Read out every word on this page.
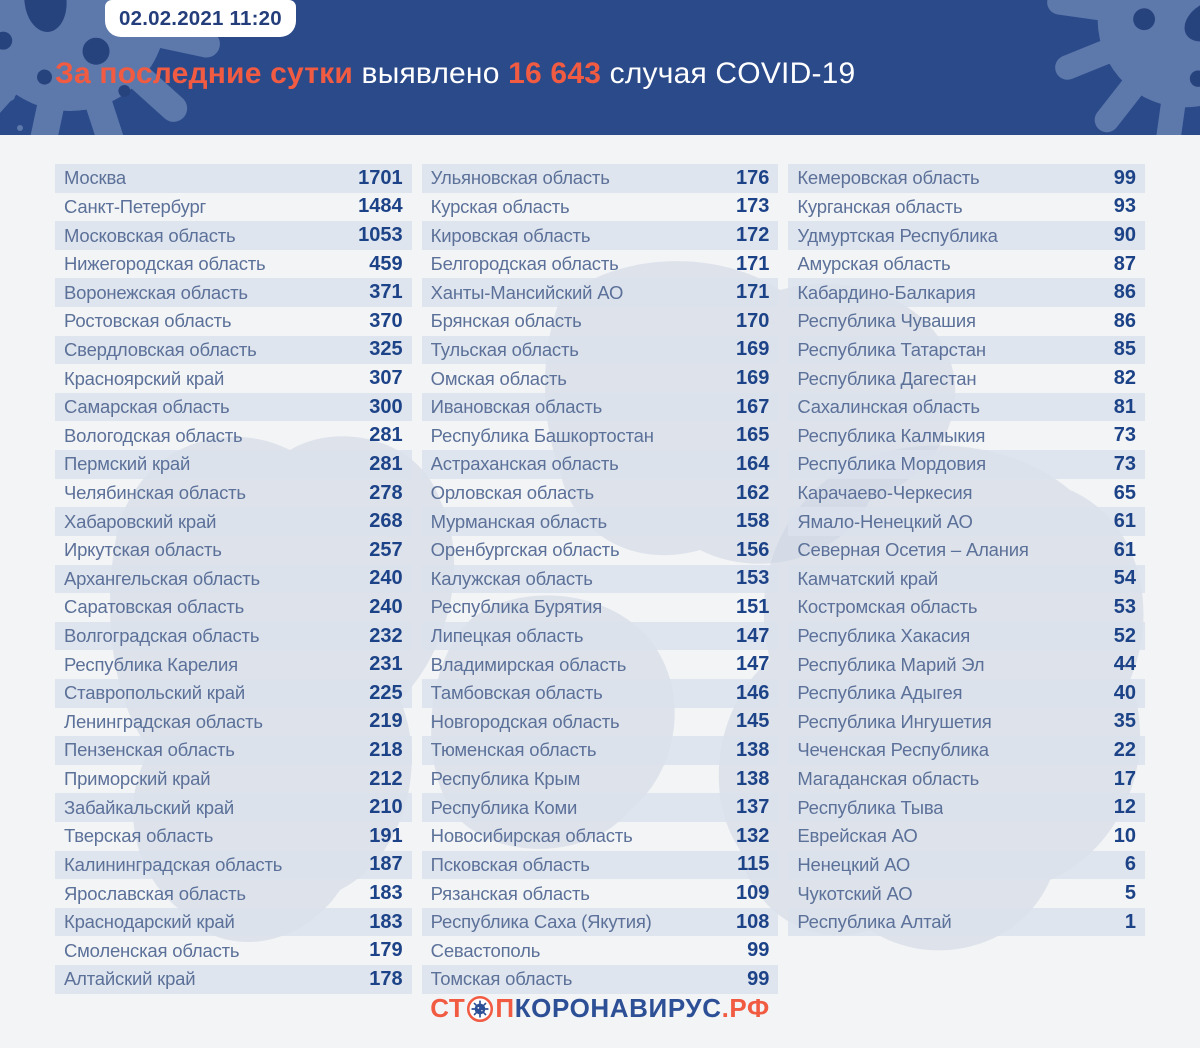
02.02.2021 11:20
За последние сутки выявлено 16 643 случая COVID-19
Москва	1701
Санкт-Петербург	1484
Московская область	1053
Нижегородская область	459
Воронежская область	371
Ростовская область	370
Свердловская область	325
Красноярский край	307
Самарская область	300
Вологодская область	281
Пермский край	281
Челябинская область	278
Хабаровский край	268
Иркутская область	257
Архангельская область	240
Саратовская область	240
Волгоградская область	232
Республика Карелия	231
Ставропольский край	225
Ленинградская область	219
Пензенская область	218
Приморский край	212
Забайкальский край	210
Тверская область	191
Калининградская область	187
Ярославская область	183
Краснодарский край	183
Смоленская область	179
Алтайский край	178
Ульяновская область	176
Курская область	173
Кировская область	172
Белгородская область	171
Ханты-Мансийский АО	171
Брянская область	170
Тульская область	169
Омская область	169
Ивановская область	167
Республика Башкортостан	165
Астраханская область	164
Орловская область	162
Мурманская область	158
Оренбургская область	156
Калужская область	153
Республика Бурятия	151
Липецкая область	147
Владимирская область	147
Тамбовская область	146
Новгородская область	145
Тюменская область	138
Республика Крым	138
Республика Коми	137
Новосибирская область	132
Псковская область	115
Рязанская область	109
Республика Саха (Якутия)	108
Севастополь	99
Томская область	99
Кемеровская область	99
Курганская область	93
Удмуртская Республика	90
Амурская область	87
Кабардино-Балкария	86
Республика Чувашия	86
Республика Татарстан	85
Республика Дагестан	82
Сахалинская область	81
Республика Калмыкия	73
Республика Мордовия	73
Карачаево-Черкесия	65
Ямало-Ненецкий АО	61
Северная Осетия – Алания	61
Камчатский край	54
Костромская область	53
Республика Хакасия	52
Республика Марий Эл	44
Республика Адыгея	40
Республика Ингушетия	35
Чеченская Республика	22
Магаданская область	17
Республика Тыва	12
Еврейская АО	10
Ненецкий АО	6
Чукотский АО	5
Республика Алтай	1
СТ П КОРОНАВИРУС .РФ
